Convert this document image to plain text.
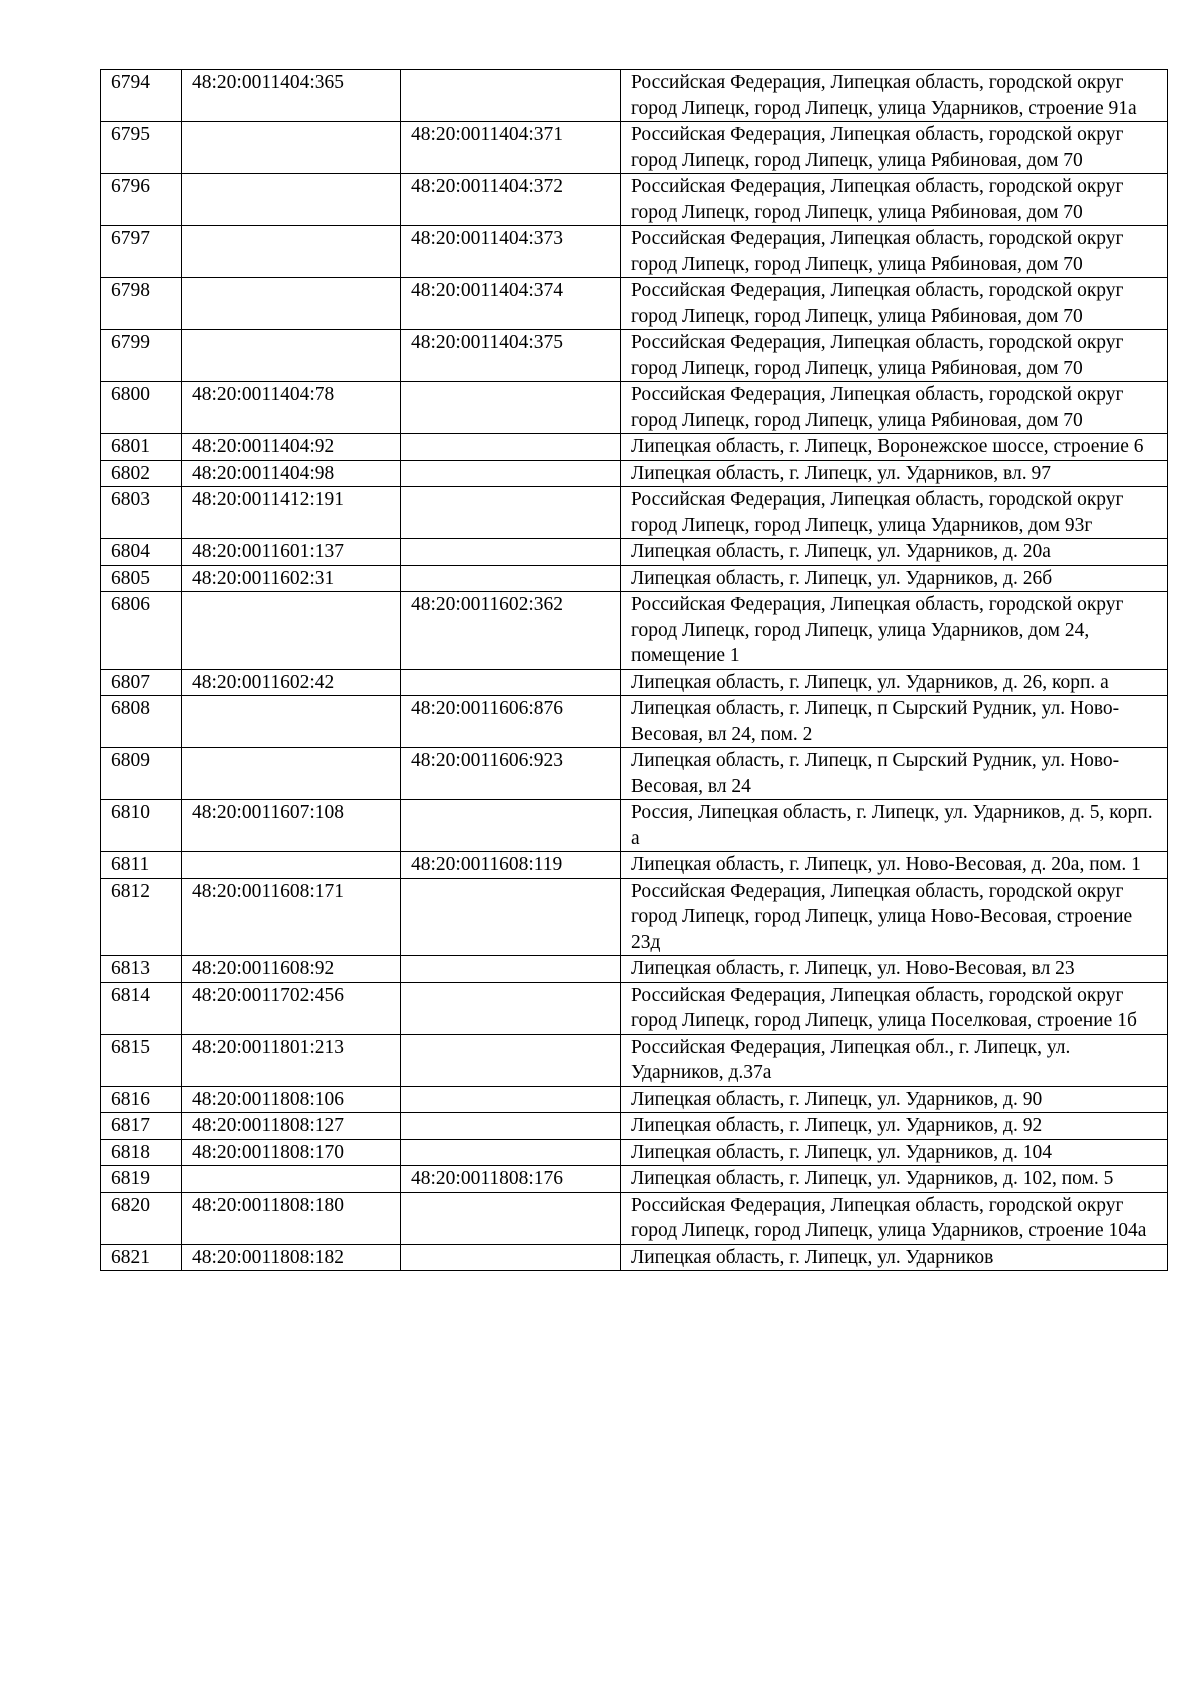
6794	48:20:0011404:365		Российская Федерация, Липецкая область, городской округ город Липецк, город Липецк, улица Ударников, строение 91а
6795		48:20:0011404:371	Российская Федерация, Липецкая область, городской округ город Липецк, город Липецк, улица Рябиновая, дом 70
6796		48:20:0011404:372	Российская Федерация, Липецкая область, городской округ город Липецк, город Липецк, улица Рябиновая, дом 70
6797		48:20:0011404:373	Российская Федерация, Липецкая область, городской округ город Липецк, город Липецк, улица Рябиновая, дом 70
6798		48:20:0011404:374	Российская Федерация, Липецкая область, городской округ город Липецк, город Липецк, улица Рябиновая, дом 70
6799		48:20:0011404:375	Российская Федерация, Липецкая область, городской округ город Липецк, город Липецк, улица Рябиновая, дом 70
6800	48:20:0011404:78		Российская Федерация, Липецкая область, городской округ город Липецк, город Липецк, улица Рябиновая, дом 70
6801	48:20:0011404:92		Липецкая область, г. Липецк, Воронежское шоссе, строение 6
6802	48:20:0011404:98		Липецкая область, г. Липецк, ул. Ударников, вл. 97
6803	48:20:0011412:191		Российская Федерация, Липецкая область, городской округ город Липецк, город Липецк, улица Ударников, дом 93г
6804	48:20:0011601:137		Липецкая область, г. Липецк, ул. Ударников, д. 20а
6805	48:20:0011602:31		Липецкая область, г. Липецк, ул. Ударников, д. 26б
6806		48:20:0011602:362	Российская Федерация, Липецкая область, городской округ город Липецк, город Липецк, улица Ударников, дом 24, помещение 1
6807	48:20:0011602:42		Липецкая область, г. Липецк, ул. Ударников, д. 26, корп. а
6808		48:20:0011606:876	Липецкая область, г. Липецк, п Сырский Рудник, ул. Ново-Весовая, вл 24, пом. 2
6809		48:20:0011606:923	Липецкая область, г. Липецк, п Сырский Рудник, ул. Ново-Весовая, вл 24
6810	48:20:0011607:108		Россия, Липецкая область, г. Липецк, ул. Ударников, д. 5, корп. а
6811		48:20:0011608:119	Липецкая область, г. Липецк, ул. Ново-Весовая, д. 20а, пом. 1
6812	48:20:0011608:171		Российская Федерация, Липецкая область, городской округ город Липецк, город Липецк, улица Ново-Весовая, строение 23д
6813	48:20:0011608:92		Липецкая область, г. Липецк, ул. Ново-Весовая, вл 23
6814	48:20:0011702:456		Российская Федерация, Липецкая область, городской округ город Липецк, город Липецк, улица Поселковая, строение 1б
6815	48:20:0011801:213		Российская Федерация, Липецкая обл., г. Липецк, ул. Ударников, д.37а
6816	48:20:0011808:106		Липецкая область, г. Липецк, ул. Ударников, д. 90
6817	48:20:0011808:127		Липецкая область, г. Липецк, ул. Ударников, д. 92
6818	48:20:0011808:170		Липецкая область, г. Липецк, ул. Ударников, д. 104
6819		48:20:0011808:176	Липецкая область, г. Липецк, ул. Ударников, д. 102, пом. 5
6820	48:20:0011808:180		Российская Федерация, Липецкая область, городской округ город Липецк, город Липецк, улица Ударников, строение 104а
6821	48:20:0011808:182		Липецкая область, г. Липецк, ул. Ударников
